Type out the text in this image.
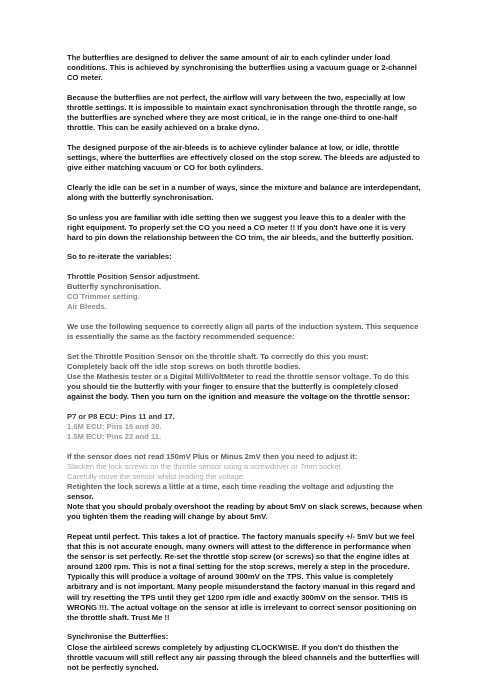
The butterflies are designed to deliver the same amount of air to each cylinder under load
conditions. This is achieved by synchronising the butterflies using a vacuum guage or 2-channel
CO meter.
Because the butterflies are not perfect, the airflow will vary between the two, especially at low
throttle settings. It is impossible to maintain exact synchronisation through the throttle range, so
the butterflies are synched where they are most critical, ie in the range one-third to one-half
throttle. This can be easily achieved on a brake dyno.
The designed purpose of the air-bleeds is to achieve cylinder balance at low, or idle, throttle
settings, where the butterflies are effectively closed on the stop screw. The bleeds are adjusted to
give either matching vacuum or CO for both cylinders.
Clearly the idle can be set in a number of ways, since the mixture and balance are interdependant,
along with the butterfly synchronisation.
So unless you are familiar with idle setting then we suggest you leave this to a dealer with the
right equipment. To properly set the CO you need a CO meter !! If you don't have one it is very
hard to pin down the relationship between the CO trim, the air bleeds, and the butterfly position.
So to re-iterate the variables:
Throttle Position Sensor adjustment.
Butterfly synchronisation.
CO Trimmer setting.
Air Bleeds.
We use the following sequence to correctly align all parts of the induction system. This sequence
is essentially the same as the factory recommended sequence:
Set the Throttle Position Sensor on the throttle shaft. To correctly do this you must:
Completely back off the idle stop screws on both throttle bodies.
Use the Mathesis tester or a Digital MilliVoltMeter to read the throttle sensor voltage. To do this
you should tie the butterfly with your finger to ensure that the butterfly is completely closed
against the body. Then you turn on the ignition and measure the voltage on the throttle sensor:
P7 or P8 ECU: Pins 11 and 17.
1.6M ECU: Pins 16 and 30.
1.5M ECU: Pins 22 and 11.
If the sensor does not read 150mV Plus or Minus 2mV then you need to adjust it:
Slacken the lock screws on the throttle sensor using a screwdriver or 7mm socket.
Carefully move the sensor whilst reading the voltage.
Retighten the lock screws a little at a time, each time reading the voltage and adjusting the
sensor.
Note that you should probaly overshoot the reading by about 5mV on slack screws, because when
you tighten them the reading will change by about 5mV.
Repeat until perfect. This takes a lot of practice. The factory manuals specify +/- 5mV but we feel
that this is not accurate enough. many owners will attest to the difference in performance when
the sensor is set perfectly. Re-set the throttle stop screw (or screws) so that the engine idles at
around 1200 rpm. This is not a final setting for the stop screws, merely a step in the procedure.
Typically this will produce a voltage of around 300mV on the TPS. This value is completely
arbitrary and is not important. Many people misunderstand the factory manual in this regard and
will try resetting the TPS until they get 1200 rpm idle and exactly 300mV on the sensor. THIS IS
WRONG !!!. The actual voltage on the sensor at idle is irrelevant to correct sensor positioning on
the throttle shaft. Trust Me !!
Synchronise the Butterflies:
Close the airbleed screws completely by adjusting CLOCKWISE. If you don't do thisthen the
throttle vacuum will still reflect any air passing through the bleed channels and the butterflies will
not be perfectly synched.
